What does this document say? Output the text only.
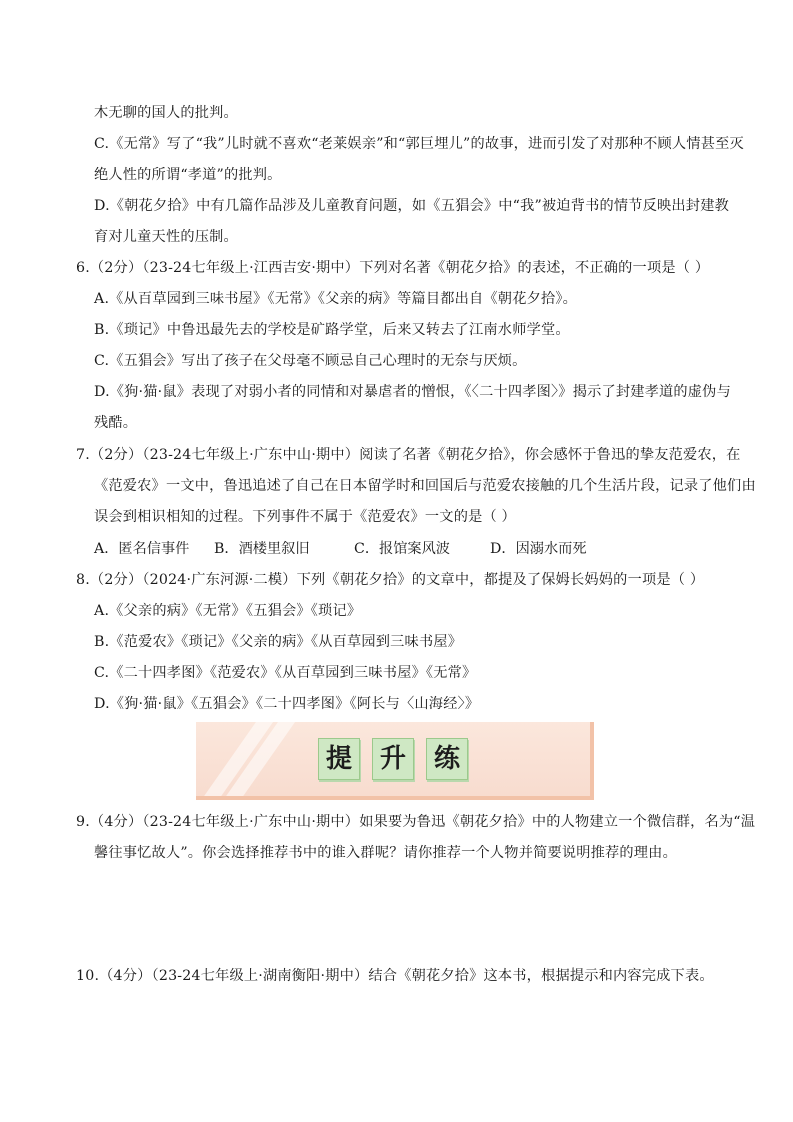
木无聊的国人的批判。
C.《无常》写了“我”儿时就不喜欢“老莱娱亲”和“郭巨埋儿”的故事，进而引发了对那种不顾人情甚至灭
绝人性的所谓“孝道”的批判。
D.《朝花夕拾》中有几篇作品涉及儿童教育问题，如《五猖会》中“我”被迫背书的情节反映出封建教
育对儿童天性的压制。
6.（2分）（23-24七年级上·江西吉安·期中）下列对名著《朝花夕拾》的表述，不正确的一项是（ ）
A.《从百草园到三味书屋》《无常》《父亲的病》等篇目都出自《朝花夕拾》。
B.《琐记》中鲁迅最先去的学校是矿路学堂，后来又转去了江南水师学堂。
C.《五猖会》写出了孩子在父母毫不顾忌自己心理时的无奈与厌烦。
D.《狗·猫·鼠》表现了对弱小者的同情和对暴虐者的憎恨，《〈二十四孝图〉》揭示了封建孝道的虚伪与
残酷。
7.（2分）（23-24七年级上·广东中山·期中）阅读了名著《朝花夕拾》，你会感怀于鲁迅的挚友范爱农，在
《范爱农》一文中，鲁迅追述了自己在日本留学时和回国后与范爱农接触的几个生活片段，记录了他们由
误会到相识相知的过程。下列事件不属于《范爱农》一文的是（ ）
8.（2分）（2024·广东河源·二模）下列《朝花夕拾》的文章中，都提及了保姆长妈妈的一项是（ ）
A.《父亲的病》《无常》《五猖会》《琐记》
B.《范爱农》《琐记》《父亲的病》《从百草园到三味书屋》
C.《二十四孝图》《范爱农》《从百草园到三味书屋》《无常》
D.《狗·猫·鼠》《五猖会》《二十四孝图》《阿长与〈山海经〉》
9.（4分）（23-24七年级上·广东中山·期中）如果要为鲁迅《朝花夕拾》中的人物建立一个微信群，名为“温
馨往事忆故人”。你会选择推荐书中的谁入群呢？请你推荐一个人物并简要说明推荐的理由。
10.（4分）（23-24七年级上·湖南衡阳·期中）结合《朝花夕拾》这本书，根据提示和内容完成下表。
A．匿名信事件 B．酒楼里叙旧	C．报馆案风波	D．因溺水而死
提	升	练
